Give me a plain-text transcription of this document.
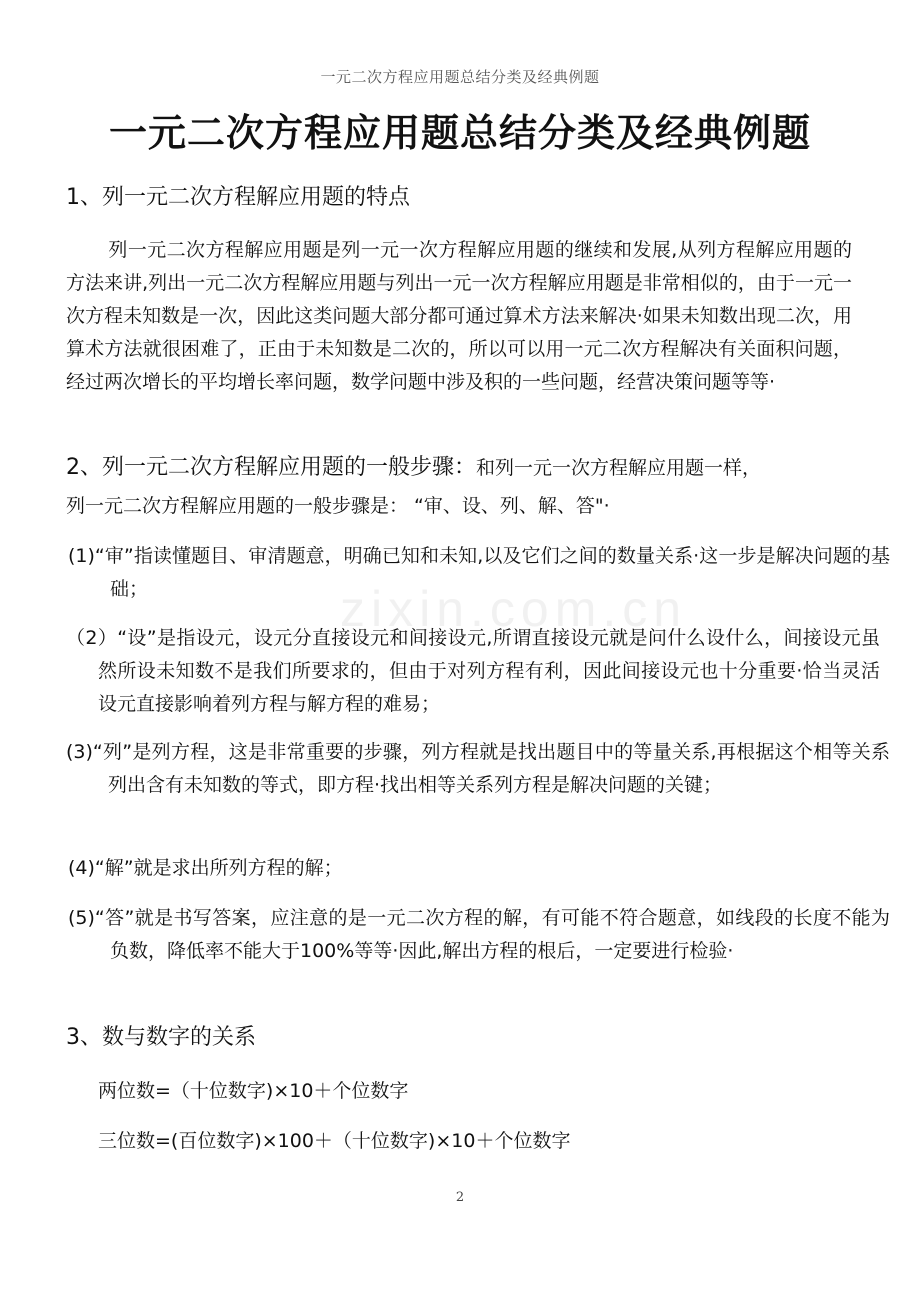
一元二次方程应用题总结分类及经典例题
zixin.com.cn
一元二次方程应用题总结分类及经典例题
1、列一元二次方程解应用题的特点

列一元二次方程解应用题是列一元一次方程解应用题的继续和发展,从列方程解应用题的方法来讲,列出一元二次方程解应用题与列出一元一次方程解应用题是非常相似的，由于一元一次方程未知数是一次，因此这类问题大部分都可通过算术方法来解决·如果未知数出现二次，用算术方法就很困难了，正由于未知数是二次的，所以可以用一元二次方程解决有关面积问题，经过两次增长的平均增长率问题，数学问题中涉及积的一些问题，经营决策问题等等·

2、列一元二次方程解应用题的一般步骤：和列一元一次方程解应用题一样，
列一元二次方程解应用题的一般步骤是： “审、设、列、解、答"·

(1)“审”指读懂题目、审清题意，明确已知和未知,以及它们之间的数量关系·这一步是解决问题的基础；

（2）“设”是指设元，设元分直接设元和间接设元,所谓直接设元就是问什么设什么，间接设元虽然所设未知数不是我们所要求的，但由于对列方程有利，因此间接设元也十分重要·恰当灵活设元直接影响着列方程与解方程的难易；

(3)“列”是列方程，这是非常重要的步骤，列方程就是找出题目中的等量关系,再根据这个相等关系列出含有未知数的等式，即方程·找出相等关系列方程是解决问题的关键；

(4)“解”就是求出所列方程的解；

(5)“答”就是书写答案，应注意的是一元二次方程的解，有可能不符合题意，如线段的长度不能为负数，降低率不能大于100%等等·因此,解出方程的根后，一定要进行检验·

3、数与数字的关系
两位数=（十位数字)×10＋个位数字
三位数=(百位数字)×100＋（十位数字)×10＋个位数字
2
